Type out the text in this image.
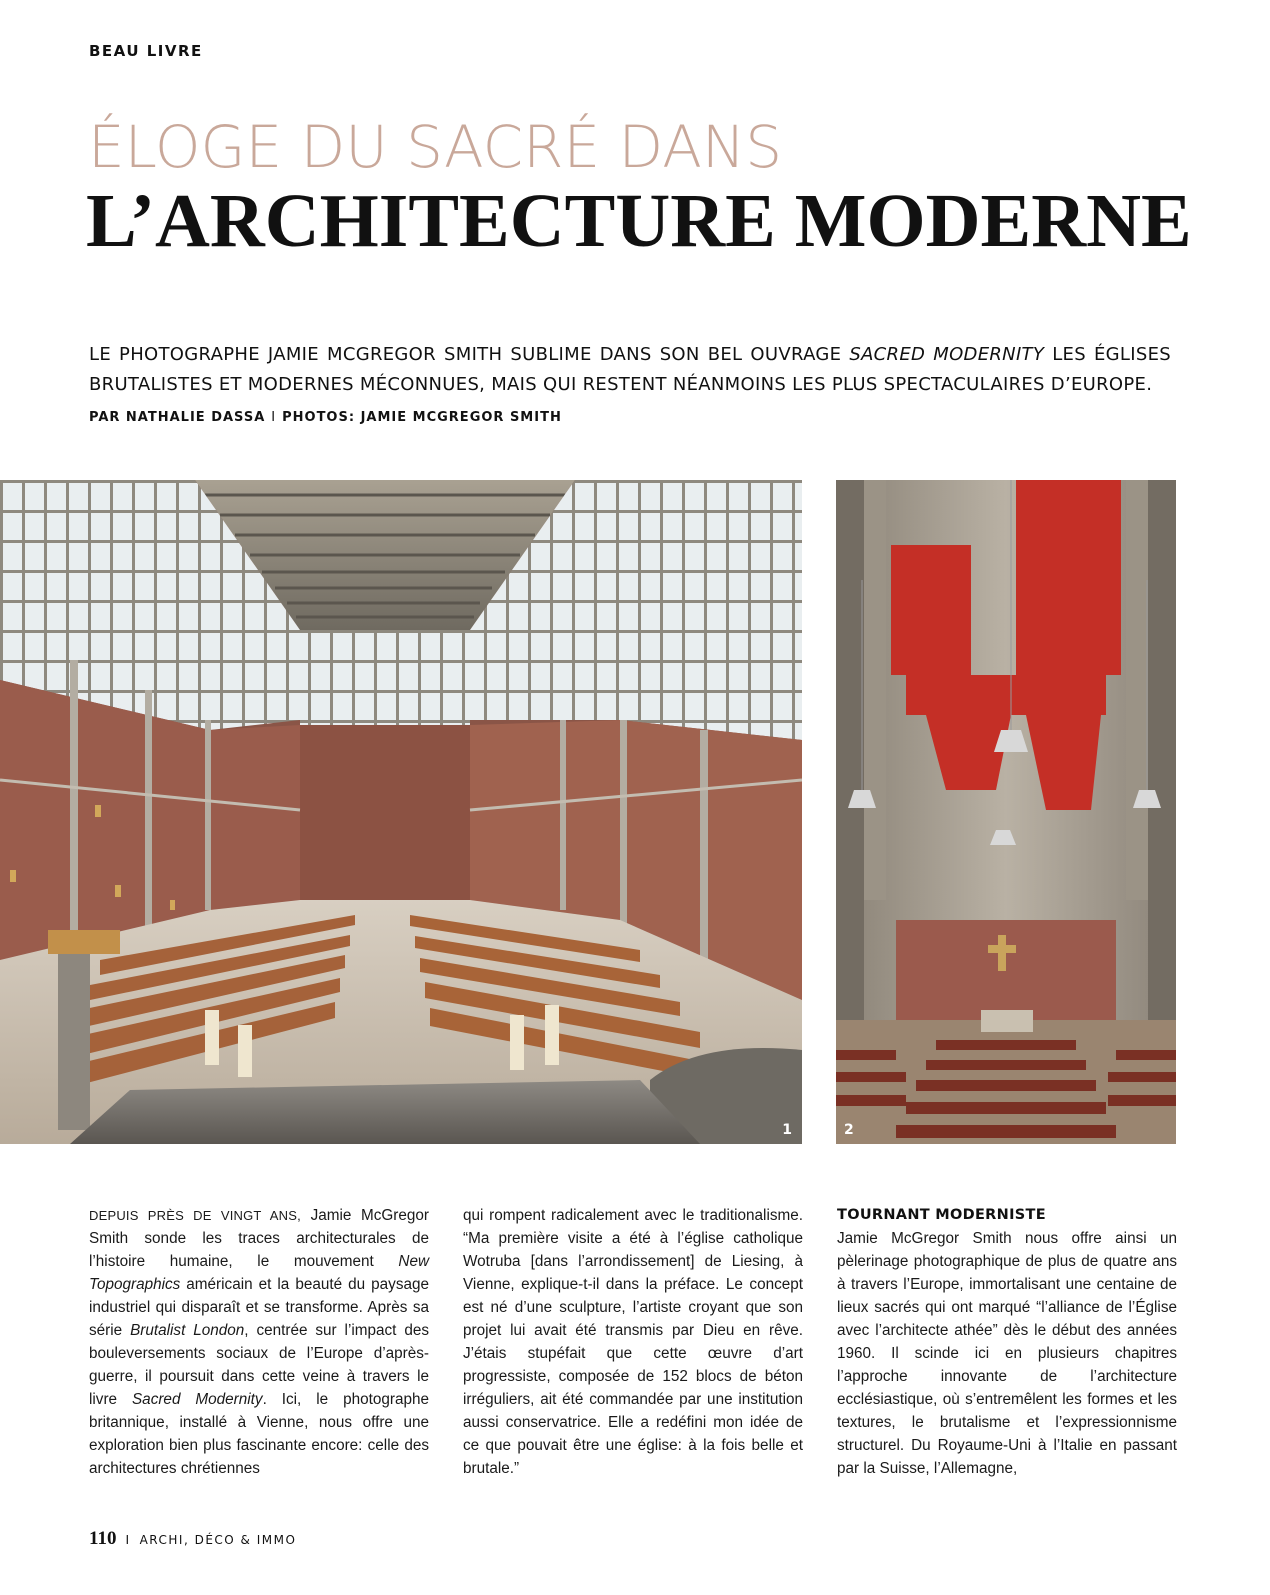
BEAU LIVRE
ÉLOGE DU SACRÉ DANS
L’ARCHITECTURE MODERNE

LE PHOTOGRAPHE JAMIE MCGREGOR SMITH SUBLIME DANS SON BEL OUVRAGE SACRED MODERNITY LES ÉGLISES BRUTALISTES ET MODERNES MÉCONNUES, MAIS QUI RESTENT NÉANMOINS LES PLUS SPECTACULAIRES D’EUROPE.

PAR NATHALIE DASSA I PHOTOS: JAMIE MCGREGOR SMITH
1	2
DEPUIS PRÈS DE VINGT ANS, Jamie McGregor Smith sonde les traces architecturales de l’histoire humaine, le mouvement New Topographics américain et la beauté du paysage industriel qui disparaît et se transforme. Après sa série Brutalist London, centrée sur l’impact des bouleversements sociaux de l’Europe d’après-guerre, il poursuit dans cette veine à travers le livre Sacred Modernity. Ici, le photographe britannique, installé à Vienne, nous offre une exploration bien plus fascinante encore: celle des architectures chrétiennes
qui rompent radicalement avec le traditionalisme. “Ma première visite a été à l’église catholique Wotruba [dans l’arrondissement] de Liesing, à Vienne, explique-t-il dans la préface. Le concept est né d’une sculpture, l’artiste croyant que son projet lui avait été transmis par Dieu en rêve. J’étais stupéfait que cette œuvre d’art progressiste, composée de 152 blocs de béton irréguliers, ait été commandée par une institution aussi conservatrice. Elle a redéfini mon idée de ce que pouvait être une église: à la fois belle et brutale.”
TOURNANT MODERNISTE
Jamie McGregor Smith nous offre ainsi un pèlerinage photographique de plus de quatre ans à travers l’Europe, immortalisant une centaine de lieux sacrés qui ont marqué “l’alliance de l’Église avec l’architecte athée” dès le début des années 1960. Il scinde ici en plusieurs chapitres l’approche innovante de l’architecture ecclésiastique, où s’entremêlent les formes et les textures, le brutalisme et l’expressionnisme structurel. Du Royaume-Uni à l’Italie en passant par la Suisse, l’Allemagne,
110 I ARCHI, DÉCO & IMMO
